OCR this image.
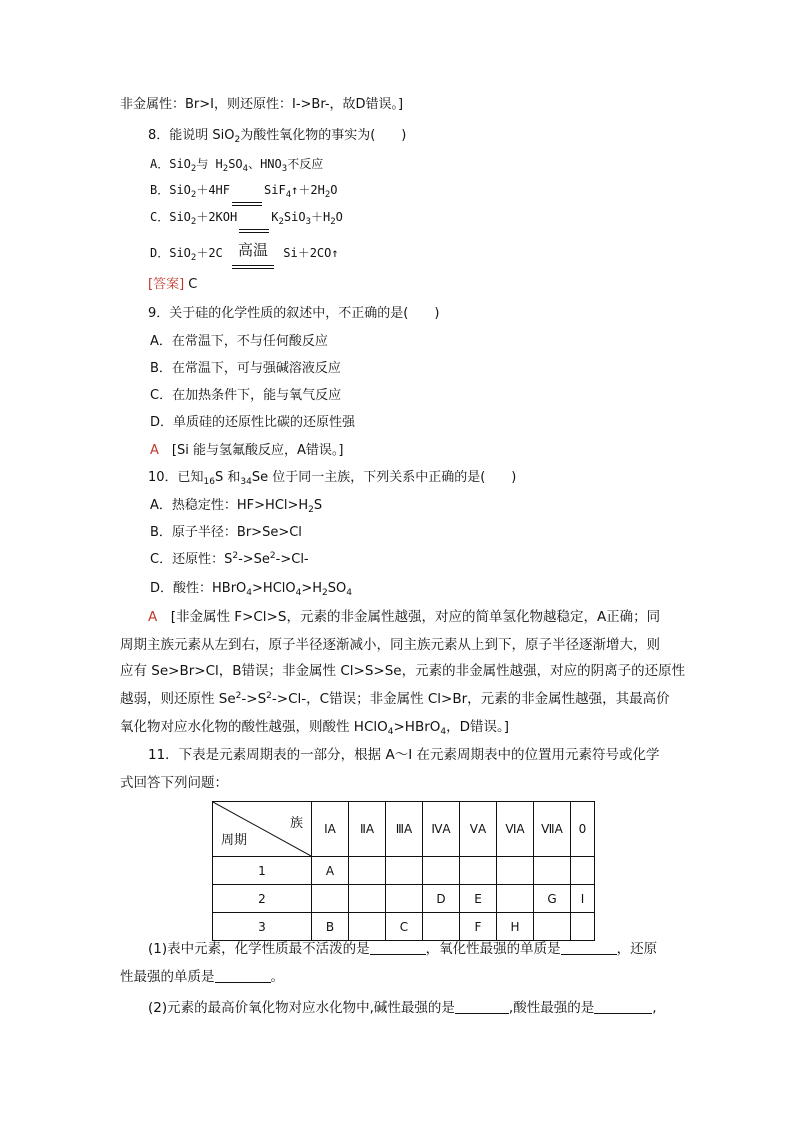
非金属性：Br>I，则还原性：I->Br-，故D错误。]
8．能说明 SiO$_2$为酸性氧化物的事实为(　　)
A．SiO$_2$与 $H_2SO_4$、$HNO_3$不反应
B．SiO$_2$＋4HF	$SiF_4↑+2H_2O$
C．SiO$_2$＋2KOH	$K_2SiO_3+H_2O$
D．SiO$_2$＋2C	高温	Si＋2CO↑
[答案] C
9．关于硅的化学性质的叙述中，不正确的是(　　)
A．在常温下，不与任何酸反应
B．在常温下，可与强碱溶液反应
C．在加热条件下，能与氧气反应
D．单质硅的还原性比碳的还原性强
A　 [Si 能与氢氟酸反应，A错误。]
10．已知$_{16}$S 和$_{34}$Se 位于同一主族，下列关系中正确的是(　　)
A．热稳定性：$HF>HCl>H_2S$
B．原子半径：Br>Se>Cl
C．还原性：$S^2->Se^2->Cl-$
D．酸性：$HBrO_4>HClO_4>H_2SO_4$
A　 [非金属性 F>Cl>S，元素的非金属性越强，对应的简单氢化物越稳定，A正确；同
周期主族元素从左到右，原子半径逐渐减小，同主族元素从上到下，原子半径逐渐增大，则
应有 Se>Br>Cl，B错误；非金属性 Cl>S>Se，元素的非金属性越强，对应的阴离子的还原性
越弱，则还原性 $Se^2->S^2->Cl-$，C错误；非金属性 Cl>Br，元素的非金属性越强，其最高价
氧化物对应水化物的酸性越强，则酸性 HClO$_4$>HBrO$_4$，D错误。]
11．下表是元素周期表的一部分，根据 A～I 在元素周期表中的位置用元素符号或化学
式回答下列问题：
族
周期	ⅠA	ⅡA	ⅢA	ⅣA	ⅤA	ⅥA	ⅦA	0
1	A							
2				D	E		G	I
3	B		C		F	H		
(1)表中元素，化学性质最不活泼的是	，氧化性最强的单质是	，还原
性最强的单质是	。
(2)元素的最高价氧化物对应水化物中,碱性最强的是	,酸性最强的是	,
